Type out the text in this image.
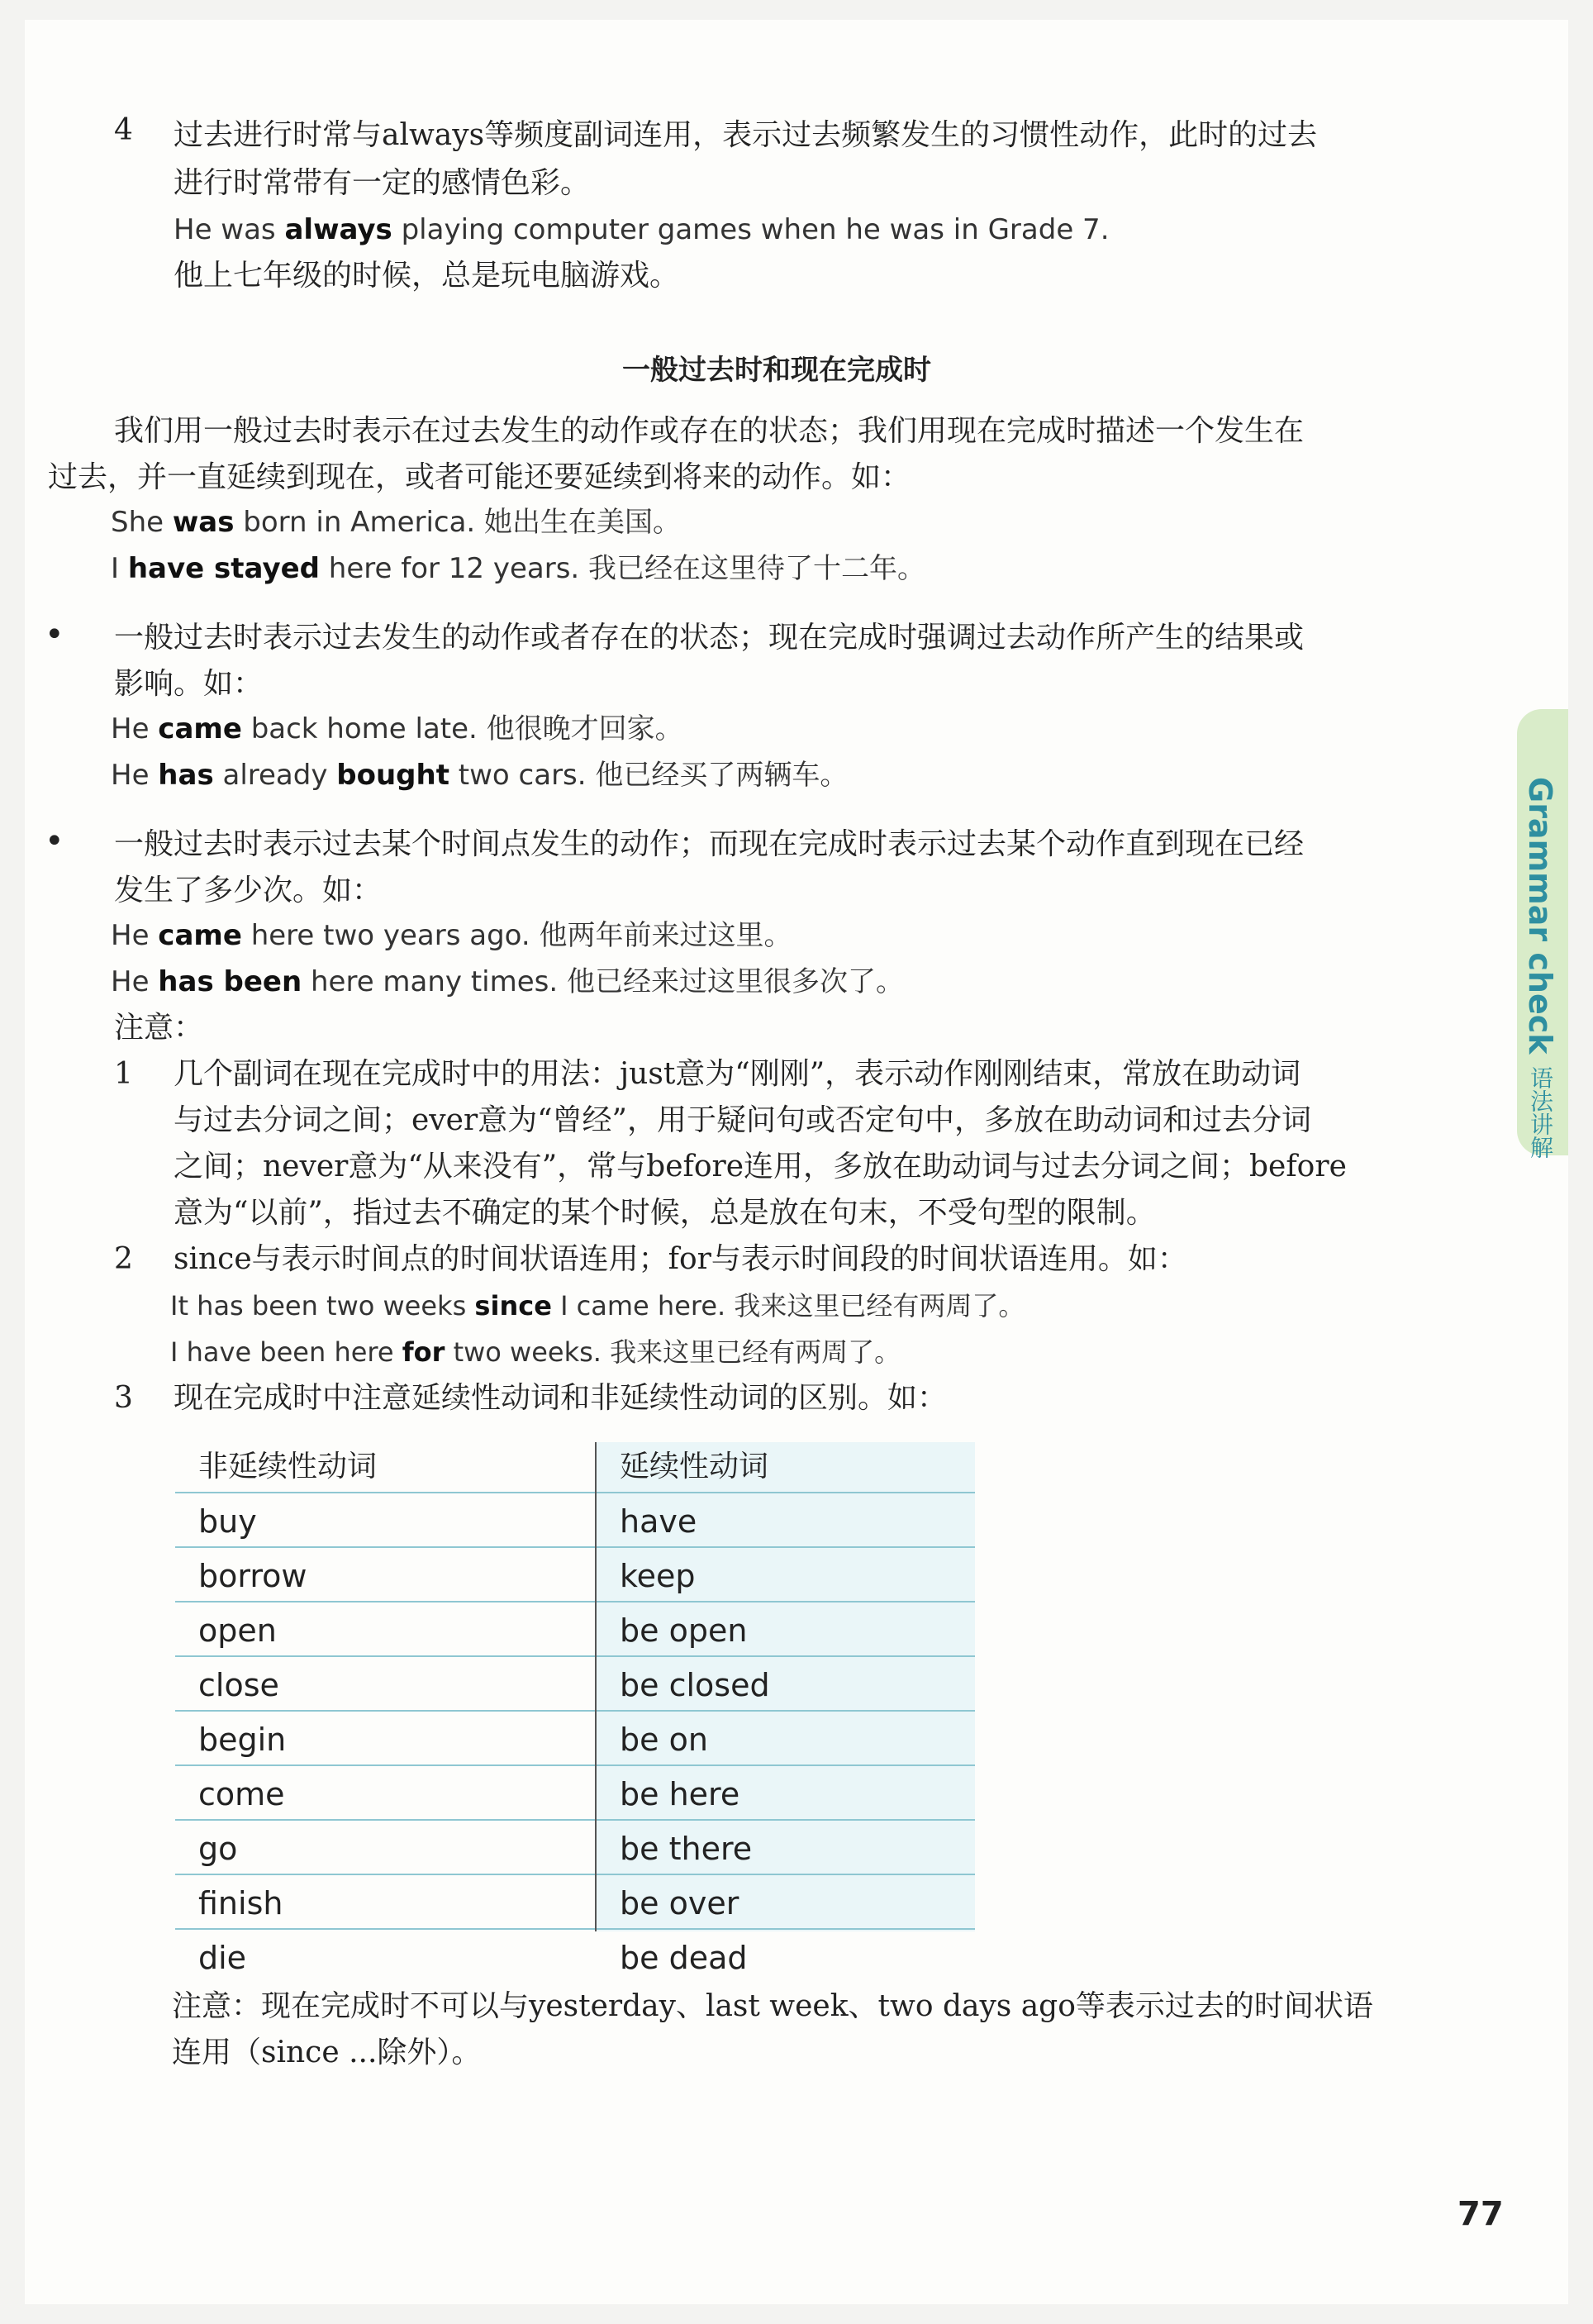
4 过去进行时常与always等频度副词连用，表示过去频繁发生的习惯性动作，此时的过去
进行时常带有一定的感情色彩。
He was always playing computer games when he was in Grade 7.
他上七年级的时候，总是玩电脑游戏。
一般过去时和现在完成时
我们用一般过去时表示在过去发生的动作或存在的状态；我们用现在完成时描述一个发生在
过去，并一直延续到现在，或者可能还要延续到将来的动作。如：
She was born in America. 她出生在美国。
I have stayed here for 12 years. 我已经在这里待了十二年。
• 一般过去时表示过去发生的动作或者存在的状态；现在完成时强调过去动作所产生的结果或
影响。如：
He came back home late. 他很晚才回家。
He has already bought two cars. 他已经买了两辆车。
• 一般过去时表示过去某个时间点发生的动作；而现在完成时表示过去某个动作直到现在已经
发生了多少次。如：
He came here two years ago. 他两年前来过这里。
He has been here many times. 他已经来过这里很多次了。
注意：
1 几个副词在现在完成时中的用法：just意为“刚刚”，表示动作刚刚结束，常放在助动词
与过去分词之间；ever意为“曾经”，用于疑问句或否定句中，多放在助动词和过去分词
之间；never意为“从来没有”，常与before连用，多放在助动词与过去分词之间；before
意为“以前”，指过去不确定的某个时候，总是放在句末，不受句型的限制。
2 since与表示时间点的时间状语连用；for与表示时间段的时间状语连用。如：
It has been two weeks since I came here. 我来这里已经有两周了。
I have been here for two weeks. 我来这里已经有两周了。
3 现在完成时中注意延续性动词和非延续性动词的区别。如：
非延续性动词	延续性动词
buy	have
borrow	keep
open	be open
close	be closed
begin	be on
come	be here
go	be there
finish	be over
die	be dead
注意：现在完成时不可以与yesterday、last week、two days ago等表示过去的时间状语
连用（since ...除外）。
Grammar check语法讲解
77
